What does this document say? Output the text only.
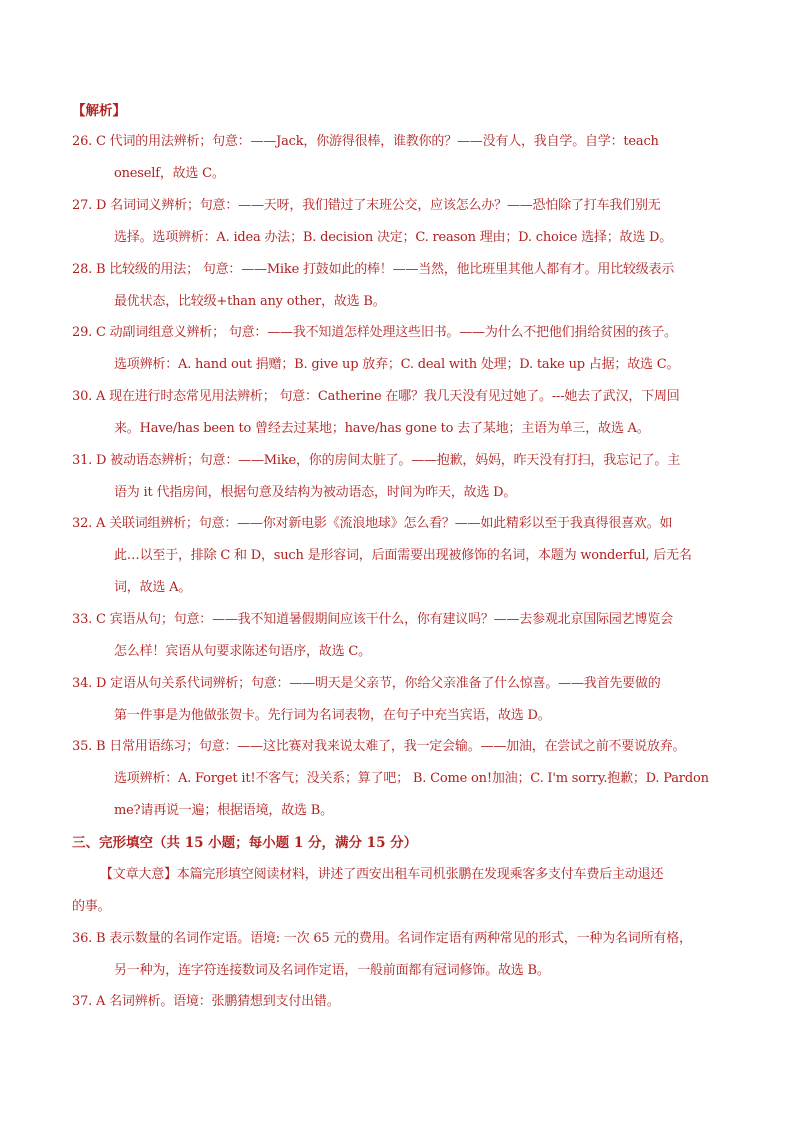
【解析】
26. C 代词的用法辨析；句意：——Jack，你游得很棒，谁教你的？——没有人，我自学。自学：teach
oneself，故选 C。
27. D 名词词义辨析；句意：——天呀，我们错过了末班公交，应该怎么办？——恐怕除了打车我们别无
选择。选项辨析：A. idea 办法；B. decision 决定；C. reason 理由；D. choice 选择；故选 D。
28. B 比较级的用法； 句意：——Mike 打鼓如此的棒！——当然，他比班里其他人都有才。用比较级表示
最优状态，比较级+than any other，故选 B。
29. C 动副词组意义辨析； 句意：——我不知道怎样处理这些旧书。——为什么不把他们捐给贫困的孩子。
选项辨析：A. hand out 捐赠；B. give up 放弃；C. deal with 处理；D. take up 占据；故选 C。
30. A 现在进行时态常见用法辨析； 句意：Catherine 在哪？我几天没有见过她了。---她去了武汉，下周回
来。Have/has been to 曾经去过某地；have/has gone to 去了某地；主语为单三，故选 A。
31. D 被动语态辨析；句意：——Mike，你的房间太脏了。——抱歉，妈妈，昨天没有打扫，我忘记了。主
语为 it 代指房间，根据句意及结构为被动语态，时间为昨天，故选 D。
32. A 关联词组辨析；句意：——你对新电影《流浪地球》怎么看？——如此精彩以至于我真得很喜欢。如
此…以至于，排除 C 和 D，such 是形容词，后面需要出现被修饰的名词，本题为 wonderful, 后无名
词，故选 A。
33. C 宾语从句；句意：——我不知道暑假期间应该干什么，你有建议吗？——去参观北京国际园艺博览会
怎么样！宾语从句要求陈述句语序，故选 C。
34. D 定语从句关系代词辨析；句意：——明天是父亲节，你给父亲准备了什么惊喜。——我首先要做的
第一件事是为他做张贺卡。先行词为名词表物，在句子中充当宾语，故选 D。
35. B 日常用语练习；句意：——这比赛对我来说太难了，我一定会输。——加油，在尝试之前不要说放弃。
选项辨析：A. Forget it!不客气；没关系；算了吧； B. Come on!加油；C. I'm sorry.抱歉；D. Pardon
me?请再说一遍；根据语境，故选 B。
三、完形填空（共 15 小题；每小题 1 分，满分 15 分）
【文章大意】本篇完形填空阅读材料，讲述了西安出租车司机张鹏在发现乘客多支付车费后主动退还
的事。
36. B 表示数量的名词作定语。语境: 一次 65 元的费用。名词作定语有两种常见的形式，一种为名词所有格，
另一种为，连字符连接数词及名词作定语，一般前面都有冠词修饰。故选 B。
37. A 名词辨析。语境：张鹏猜想到支付出错。
